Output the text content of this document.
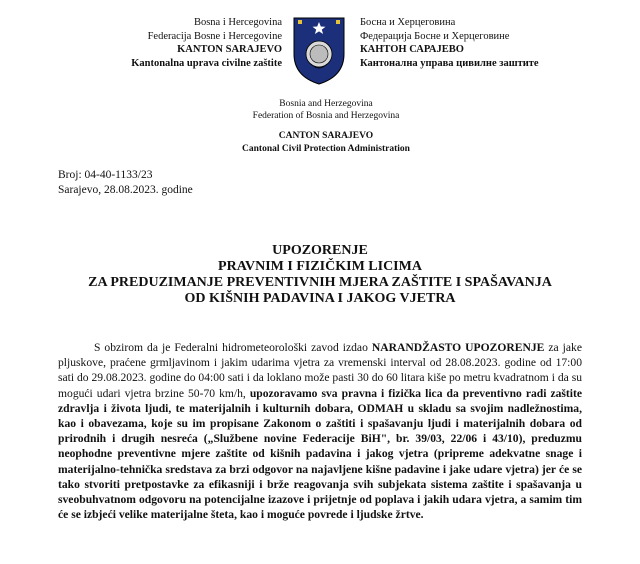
Bosna i Hercegovina
Federacija Bosne i Hercegovine
KANTON SARAJEVO
Kantonalna uprava civilne zaštite
Босна и Херцеговина
Федерација Босне и Херцеговине
КАНТОН САРАЈЕВО
Кантонална управа цивилне заштите
Bosnia and Herzegovina
Federation of Bosnia and Herzegovina
CANTON SARAJEVO
Cantonal Civil Protection Administration
Broj: 04-40-1133/23
Sarajevo, 28.08.2023. godine
UPOZORENJE
PRAVNIM I FIZIČKIM LICIMA
ZA PREDUZIMANJE PREVENTIVNIH MJERA ZAŠTITE I SPAŠAVANJA
OD KIŠNIH PADAVINA I JAKOG VJETRA
S obzirom da je Federalni hidrometeorološki zavod izdao NARANDŽASTO UPOZORENJE za jake pljuskove, praćene grmljavinom i jakim udarima vjetra za vremenski interval od 28.08.2023. godine od 17:00 sati do 29.08.2023. godine do 04:00 sati i da loklano može pasti 30 do 60 litara kiše po metru kvadratnom i da su mogući udari vjetra brzine 50-70 km/h, upozoravamo sva pravna i fizička lica da preventivno radi zaštite zdravlja i života ljudi, te materijalnih i kulturnih dobara, ODMAH u skladu sa svojim nadležnostima, kao i obavezama, koje su im propisane Zakonom o zaštiti i spašavanju ljudi i materijalnih dobara od prirodnih i drugih nesreća („Službene novine Federacije BiH", br. 39/03, 22/06 i 43/10), preduzmu neophodne preventivne mjere zaštite od kišnih padavina i jakog vjetra (pripreme adekvatne snage i materijalno-tehnička sredstava za brzi odgovor na najavljene kišne padavine i jake udare vjetra) jer će se tako stvoriti pretpostavke za efikasniji i brže reagovanja svih subjekata sistema zaštite i spašavanja u sveobuhvatnom odgovoru na potencijalne izazove i prijetnje od poplava i jakih udara vjetra, a samim tim će se izbjeći velike materijalne šteta, kao i moguće povrede i ljudske žrtve.
